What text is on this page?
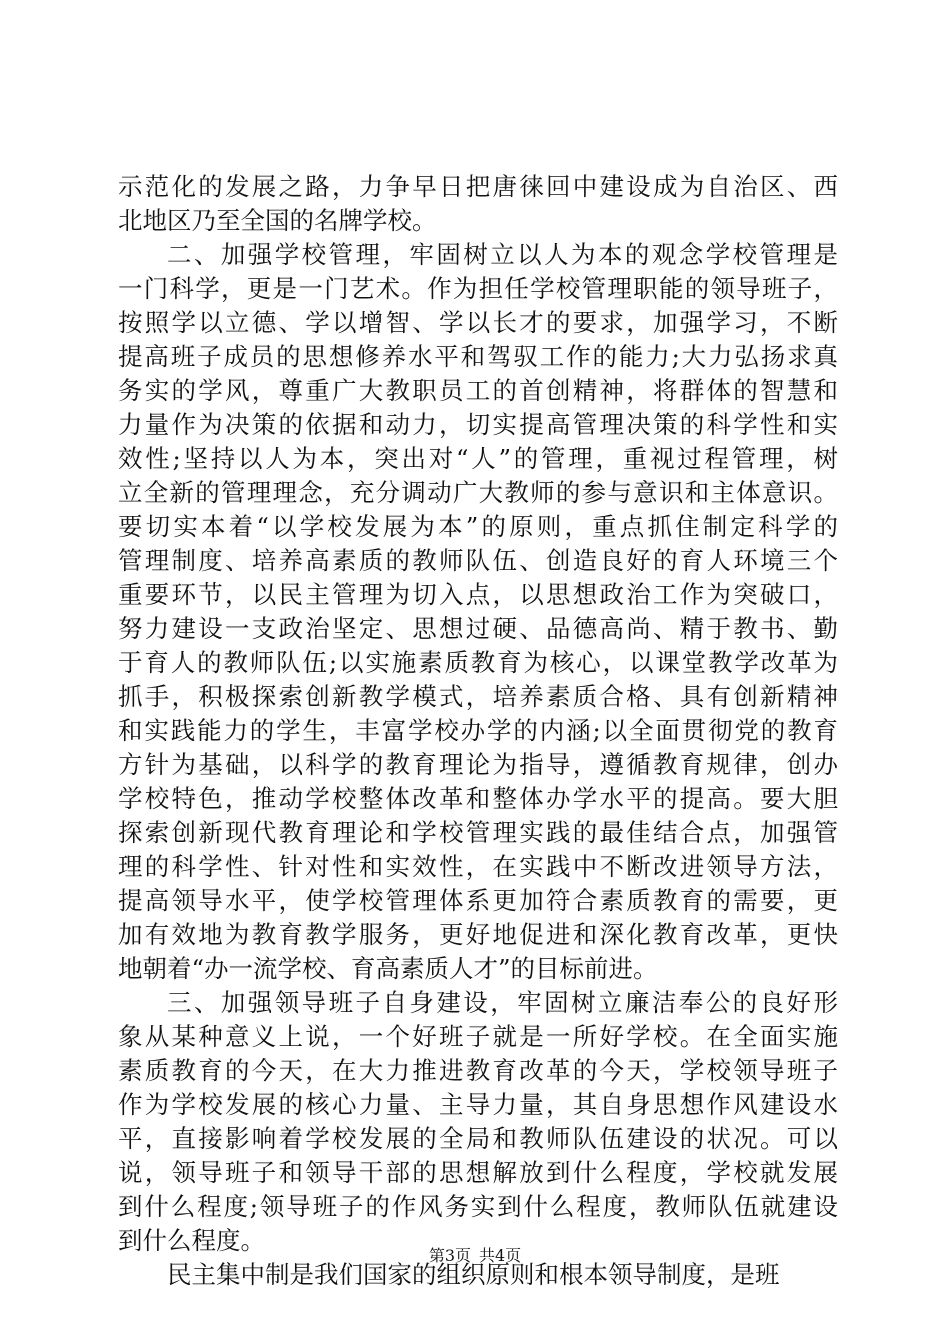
示范化的发展之路，力争早日把唐徕回中建设成为自治区、西
北地区乃至全国的名牌学校。
二、加强学校管理，牢固树立以人为本的观念学校管理是
一门科学，更是一门艺术。作为担任学校管理职能的领导班子，
按照学以立德、学以增智、学以长才的要求，加强学习，不断
提高班子成员的思想修养水平和驾驭工作的能力;大力弘扬求真
务实的学风，尊重广大教职员工的首创精神，将群体的智慧和
力量作为决策的依据和动力，切实提高管理决策的科学性和实
效性;坚持以人为本，突出对“人”的管理，重视过程管理，树
立全新的管理理念，充分调动广大教师的参与意识和主体意识。
要切实本着“以学校发展为本”的原则，重点抓住制定科学的
管理制度、培养高素质的教师队伍、创造良好的育人环境三个
重要环节，以民主管理为切入点，以思想政治工作为突破口，
努力建设一支政治坚定、思想过硬、品德高尚、精于教书、勤
于育人的教师队伍;以实施素质教育为核心，以课堂教学改革为
抓手，积极探索创新教学模式，培养素质合格、具有创新精神
和实践能力的学生，丰富学校办学的内涵;以全面贯彻党的教育
方针为基础，以科学的教育理论为指导，遵循教育规律，创办
学校特色，推动学校整体改革和整体办学水平的提高。要大胆
探索创新现代教育理论和学校管理实践的最佳结合点，加强管
理的科学性、针对性和实效性，在实践中不断改进领导方法，
提高领导水平，使学校管理体系更加符合素质教育的需要，更
加有效地为教育教学服务，更好地促进和深化教育改革，更快
地朝着“办一流学校、育高素质人才”的目标前进。
三、加强领导班子自身建设，牢固树立廉洁奉公的良好形
象从某种意义上说，一个好班子就是一所好学校。在全面实施
素质教育的今天，在大力推进教育改革的今天，学校领导班子
作为学校发展的核心力量、主导力量，其自身思想作风建设水
平，直接影响着学校发展的全局和教师队伍建设的状况。可以
说，领导班子和领导干部的思想解放到什么程度，学校就发展
到什么程度;领导班子的作风务实到什么程度，教师队伍就建设
到什么程度。
民主集中制是我们国家的组织原则和根本领导制度，是班
第3页 共4页
